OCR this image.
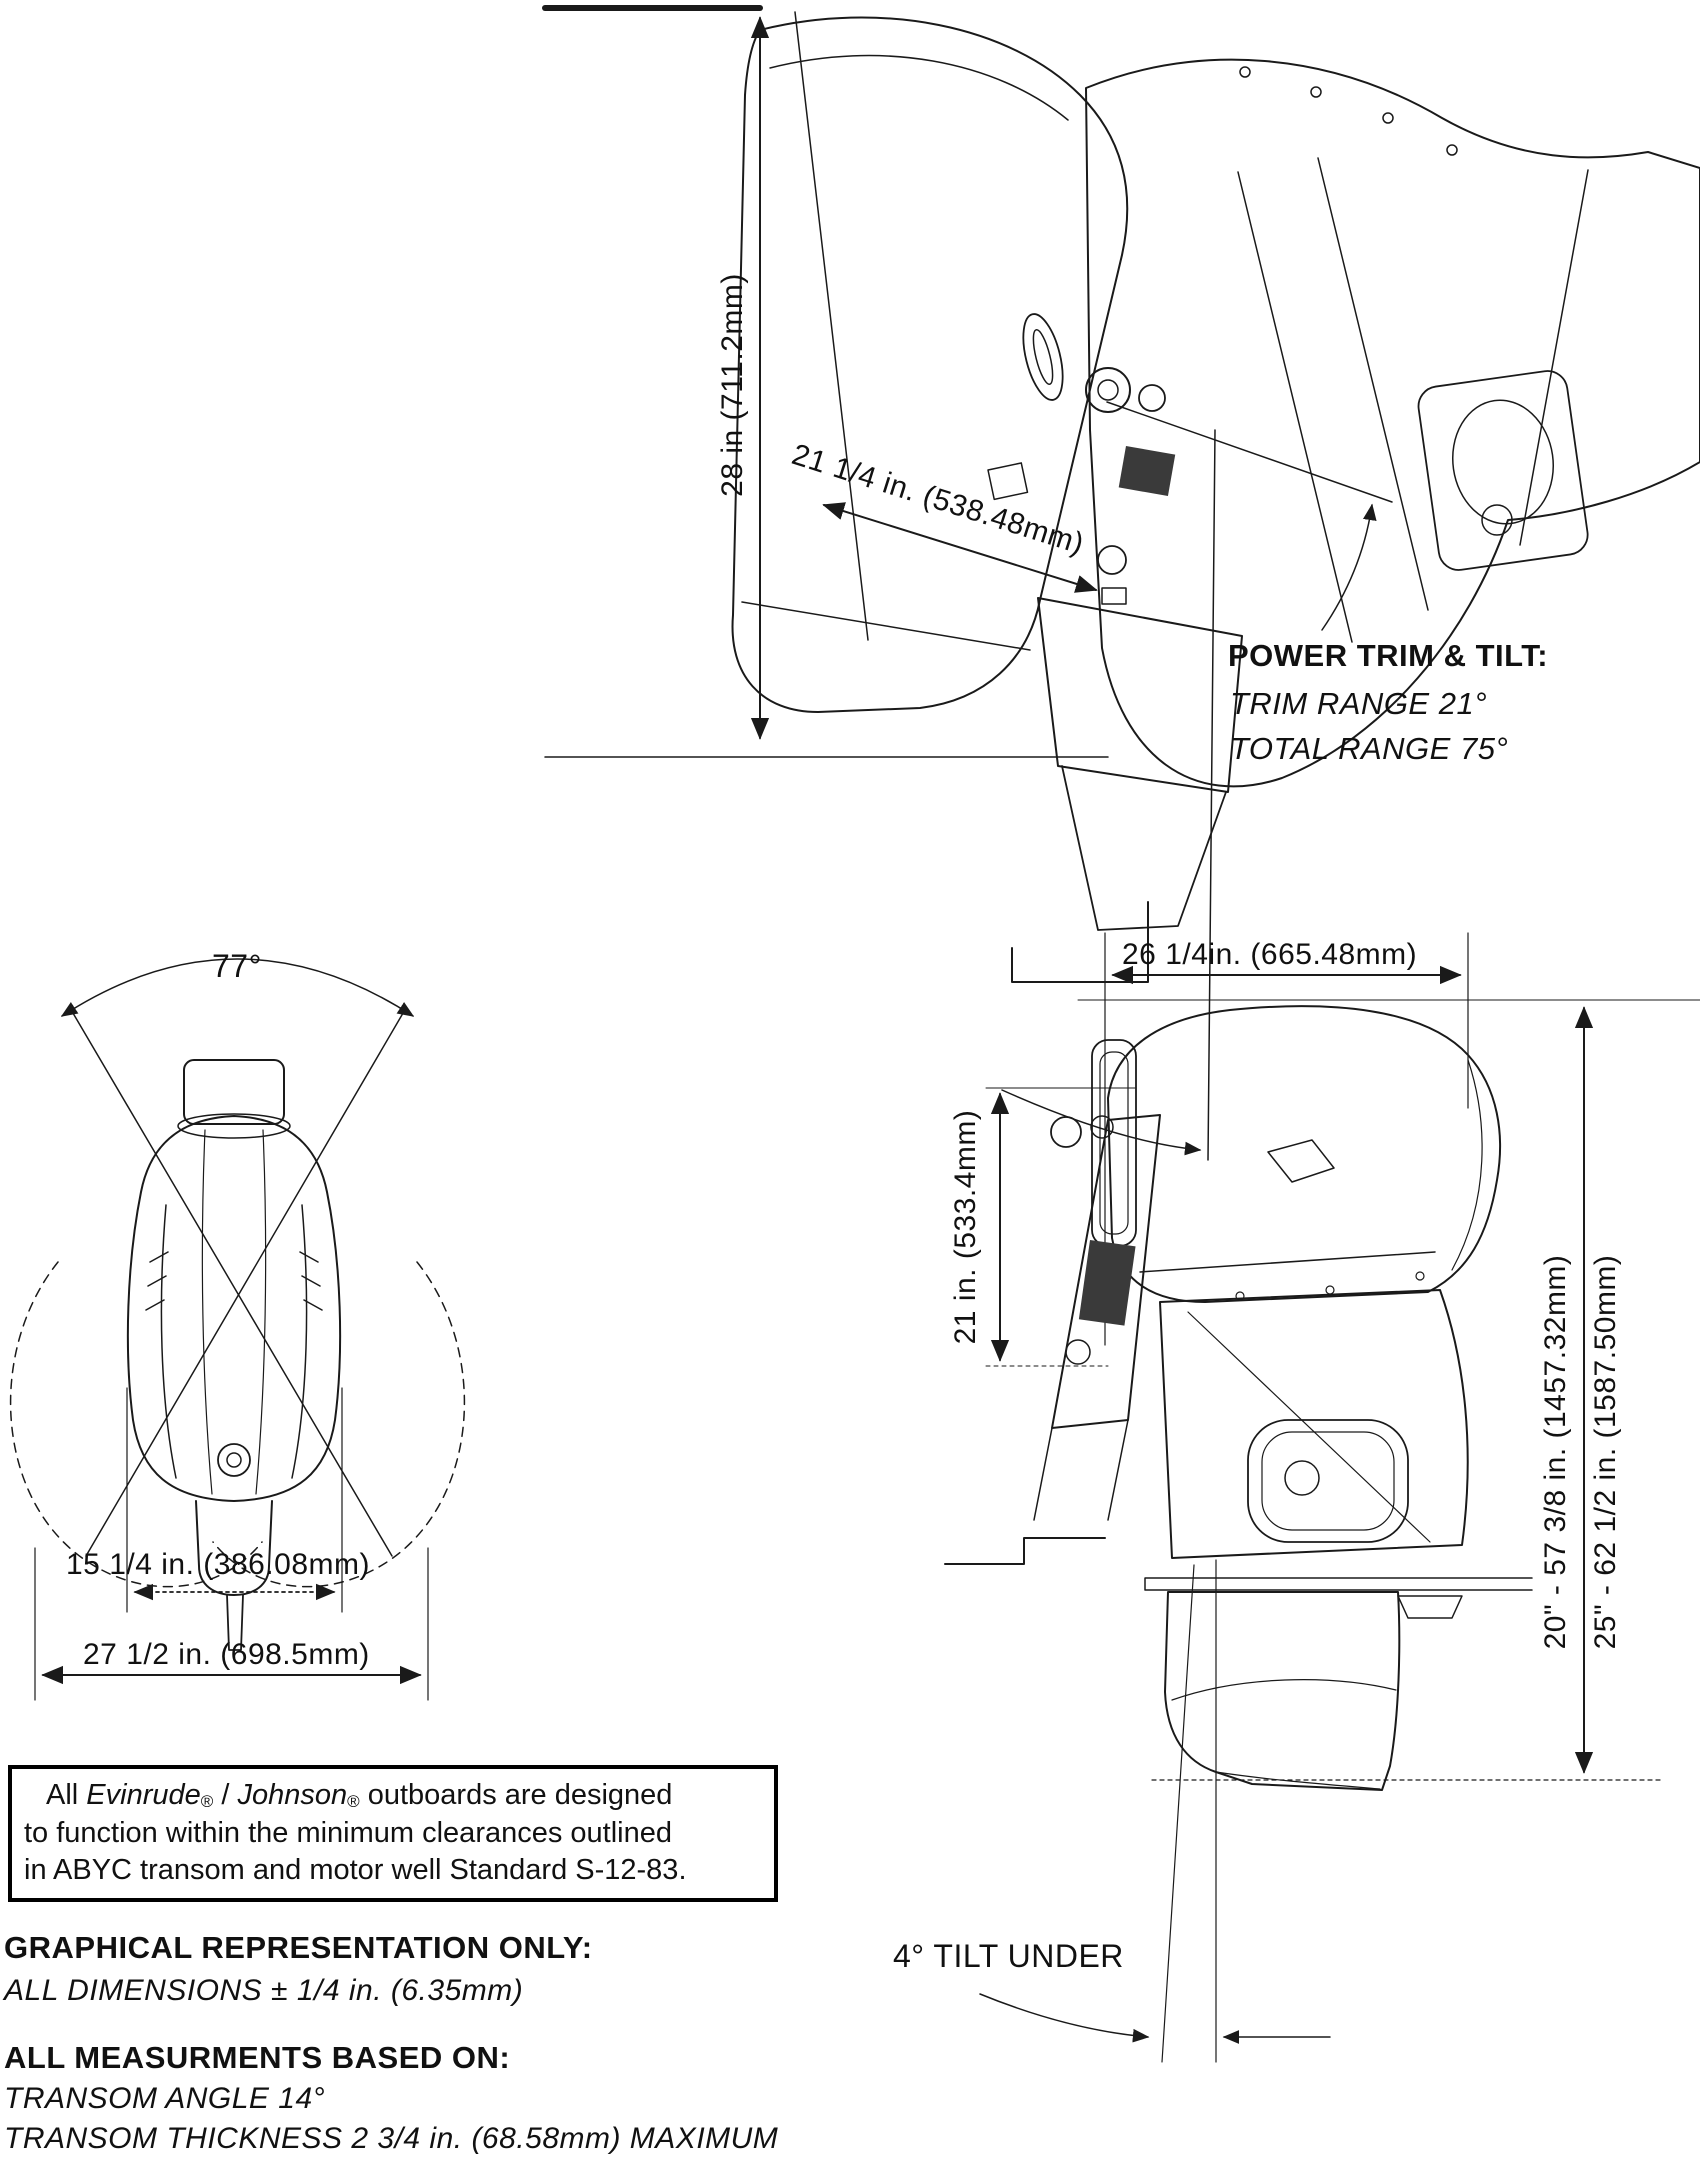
28 in (711.2mm)
21 1/4 in. (538.48mm)
POWER TRIM & TILT:
TRIM RANGE 21°
TOTAL RANGE 75°
77°
15 1/4 in. (386.08mm)
27 1/2 in. (698.5mm)
26 1/4in. (665.48mm)
21 in. (533.4mm)
20" - 57 3/8 in. (1457.32mm) 25" - 62 1/2 in. (1587.50mm)
4° TILT UNDER
All Evinrude® / Johnson® outboards are designed
to function within the minimum clearances outlined
in ABYC transom and motor well Standard S-12-83.
GRAPHICAL REPRESENTATION ONLY:
ALL DIMENSIONS ± 1/4 in. (6.35mm)
ALL MEASURMENTS BASED ON:
TRANSOM ANGLE 14°
TRANSOM THICKNESS 2 3/4 in. (68.58mm) MAXIMUM
